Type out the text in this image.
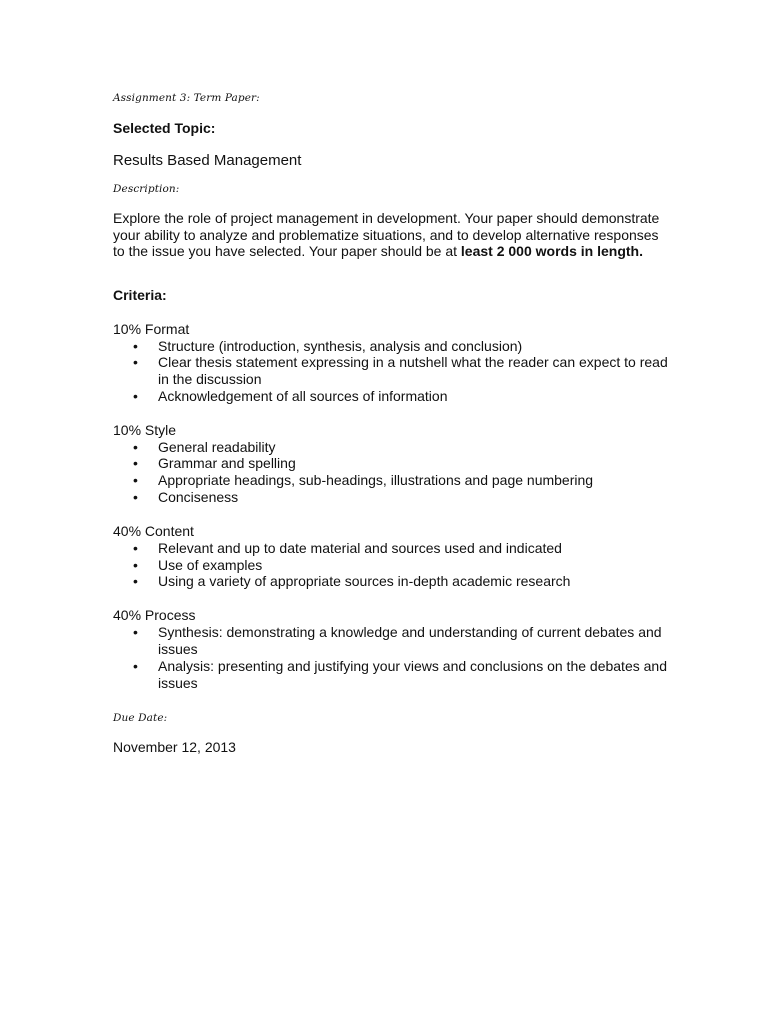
Assignment 3: Term Paper:

Selected Topic:

Results Based Management

Description:

Explore the role of project management in development. Your paper should demonstrate your ability to analyze and problematize situations, and to develop alternative responses to the issue you have selected. Your paper should be at least 2 000 words in length.

Criteria:

10% Format
• Structure (introduction, synthesis, analysis and conclusion)
• Clear thesis statement expressing in a nutshell what the reader can expect to read in the discussion
• Acknowledgement of all sources of information
10% Style
• General readability
• Grammar and spelling
• Appropriate headings, sub-headings, illustrations and page numbering
• Conciseness
40% Content
• Relevant and up to date material and sources used and indicated
• Use of examples
• Using a variety of appropriate sources in-depth academic research
40% Process
• Synthesis: demonstrating a knowledge and understanding of current debates and issues
• Analysis: presenting and justifying your views and conclusions on the debates and issues

Due Date:

November 12, 2013
